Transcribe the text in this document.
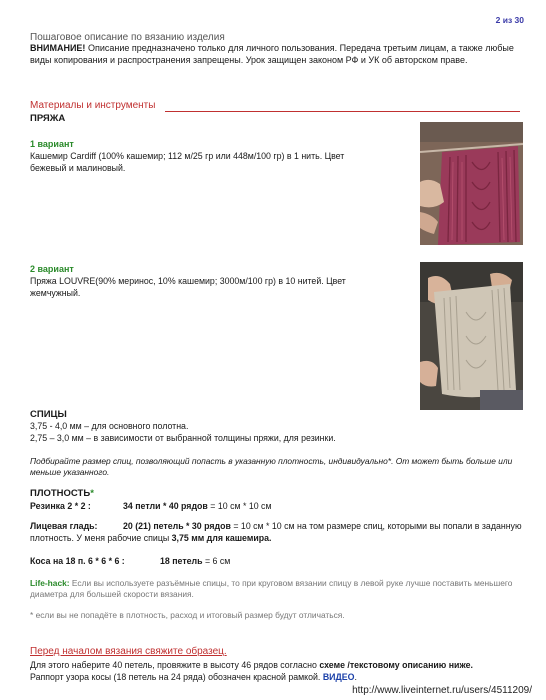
2 из 30
Пошаговое описание по вязанию изделия
ВНИМАНИЕ! Описание предназначено только для личного пользования. Передача третьим лицам, а также любые виды копирования и распространения запрещены. Урок защищен законом РФ и УК об авторском праве.
Материалы и инструменты
ПРЯЖА
1 вариант
Кашемир Cardiff (100% кашемир; 112 м/25 гр или 448м/100 гр) в 1 нить. Цвет бежевый и малиновый.
2 вариант
Пряжа LOUVRE(90% меринос, 10% кашемир; 3000м/100 гр) в 10 нитей. Цвет жемчужный.
СПИЦЫ
3,75 - 4,0 мм – для основного полотна.
2,75 – 3,0 мм – в зависимости от выбранной толщины пряжи, для резинки.
Подбирайте размер спиц, позволяющий попасть в указанную плотность, индивидуально*. От может быть больше или меньше указанного.
ПЛОТНОСТЬ*
Резинка 2 * 2 :	34 петли * 40 рядов = 10 см * 10 см
Лицевая гладь:	20 (21) петель * 30 рядов = 10 см * 10 см на том размере спиц, которыми вы попали в заданную плотность. У меня рабочие спицы 3,75 мм для кашемира.
Коса на 18 п. 6 * 6 * 6 :	18 петель = 6 см
Life-hack: Если вы используете разъёмные спицы, то при круговом вязании спицу в левой руке лучше поставить меньшего диаметра для большей скорости вязания.
* если вы не попадёте в плотность, расход и итоговый размер будут отличаться.
Перед началом вязания свяжите образец.
Для этого наберите 40 петель, провяжите в высоту 46 рядов согласно схеме /текстовому описанию ниже.
Раппорт узора косы (18 петель на 24 ряда) обозначен красной рамкой. ВИДЕО.
http://www.liveinternet.ru/users/4511209/
